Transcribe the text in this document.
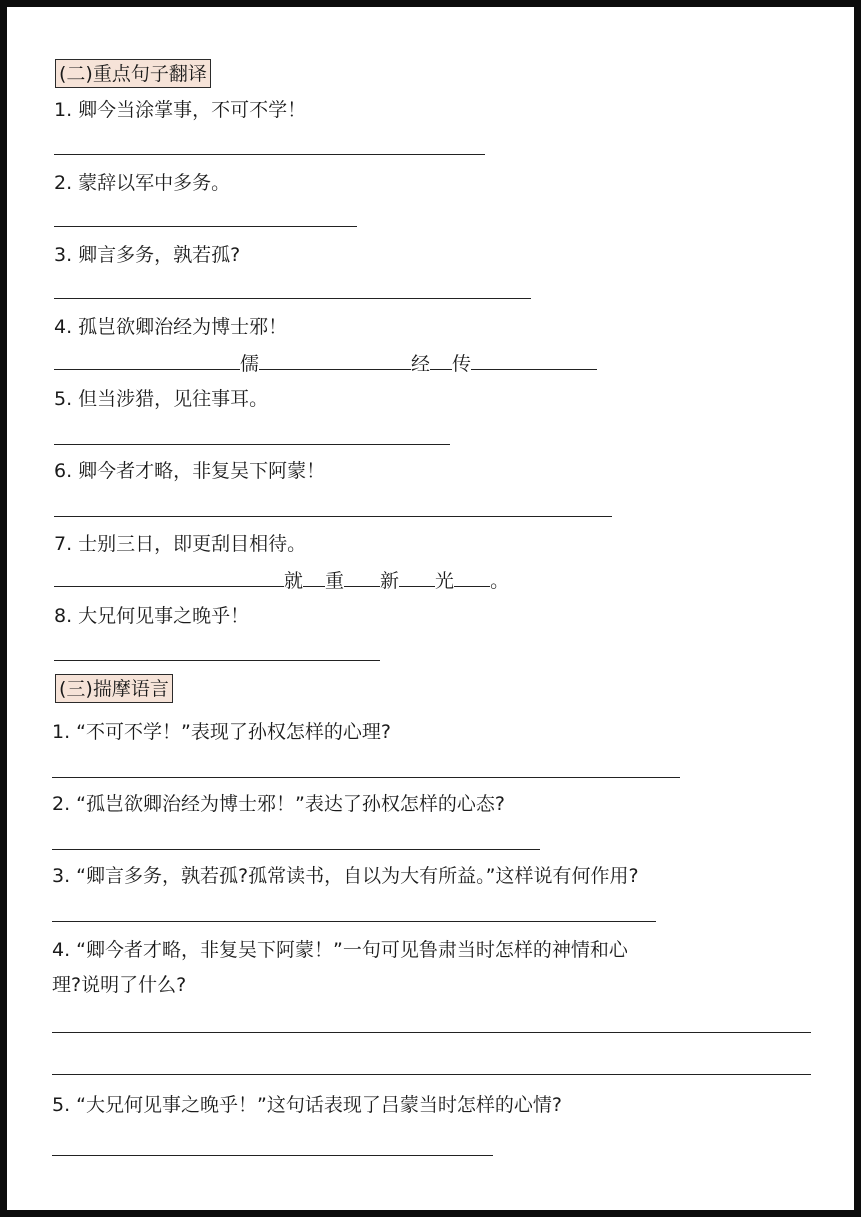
(二)重点句子翻译
1. 卿今当涂掌事，不可不学！
2. 蒙辞以军中多务。
3. 卿言多务，孰若孤?
4. 孤岂欲卿治经为博士邪！
儒	经 传
5. 但当涉猎，见往事耳。
6. 卿今者才略，非复吴下阿蒙！
7. 士别三日，即更刮目相待。
就 重 新 光 。
8. 大兄何见事之晚乎！
(三)揣摩语言
1. “不可不学！”表现了孙权怎样的心理?
2. “孤岂欲卿治经为博士邪！”表达了孙权怎样的心态?
3. “卿言多务，孰若孤?孤常读书，自以为大有所益。”这样说有何作用?
4. “卿今者才略，非复吴下阿蒙！”一句可见鲁肃当时怎样的神情和心
理?说明了什么?
5. “大兄何见事之晚乎！”这句话表现了吕蒙当时怎样的心情?
